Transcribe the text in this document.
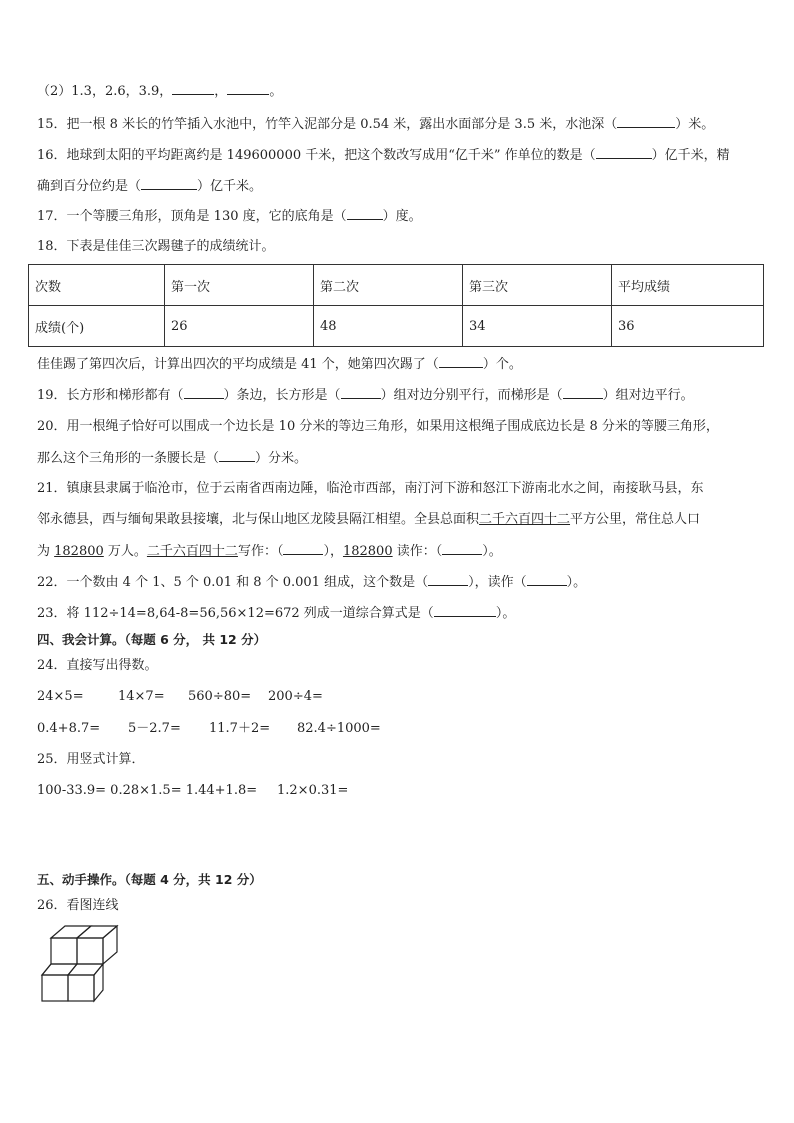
（2）1.3，2.6，3.9，	，	。
15．把一根 8 米长的竹竿插入水池中，竹竿入泥部分是 0.54 米，露出水面部分是 3.5 米，水池深（	）米。
16．地球到太阳的平均距离约是 149600000 千米，把这个数改写成用“亿千米” 作单位的数是（	）亿千米，精
确到百分位约是（	）亿千米。
17．一个等腰三角形，顶角是 130 度，它的底角是（	）度。
18．下表是佳佳三次踢毽子的成绩统计。
次数	第一次	第二次	第三次	平均成绩
成绩(个)	26	48	34	36
佳佳踢了第四次后，计算出四次的平均成绩是 41 个，她第四次踢了（	）个。
19．长方形和梯形都有（	）条边，长方形是（	）组对边分别平行，而梯形是（	）组对边平行。
20．用一根绳子恰好可以围成一个边长是 10 分米的等边三角形，如果用这根绳子围成底边长是 8 分米的等腰三角形，
那么这个三角形的一条腰长是（	）分米。
21．镇康县隶属于临沧市，位于云南省西南边陲，临沧市西部，南汀河下游和怒江下游南北水之间，南接耿马县，东
邻永德县，西与缅甸果敢县接壤，北与保山地区龙陵县隔江相望。全县总面积二千六百四十二平方公里，常住总人口
为 182800 万人。二千六百四十二写作：（	），182800 读作：（	）。
22．一个数由 4 个 1、5 个 0.01 和 8 个 0.001 组成，这个数是（	），读作（	）。
23．将 112÷14=8,64-8=56,56×12=672 列成一道综合算式是（	）。
四、我会计算。（每题 6 分， 共 12 分）
24．直接写出得数。
24×5=	14×7= 560÷80= 200÷4=
0.4+8.7= 5－2.7= 11.7＋2= 82.4÷1000=
25．用竖式计算．
100-33.9= 0.28×1.5= 1.44+1.8= 1.2×0.31=
五、动手操作。（每题 4 分，共 12 分）
26．看图连线
